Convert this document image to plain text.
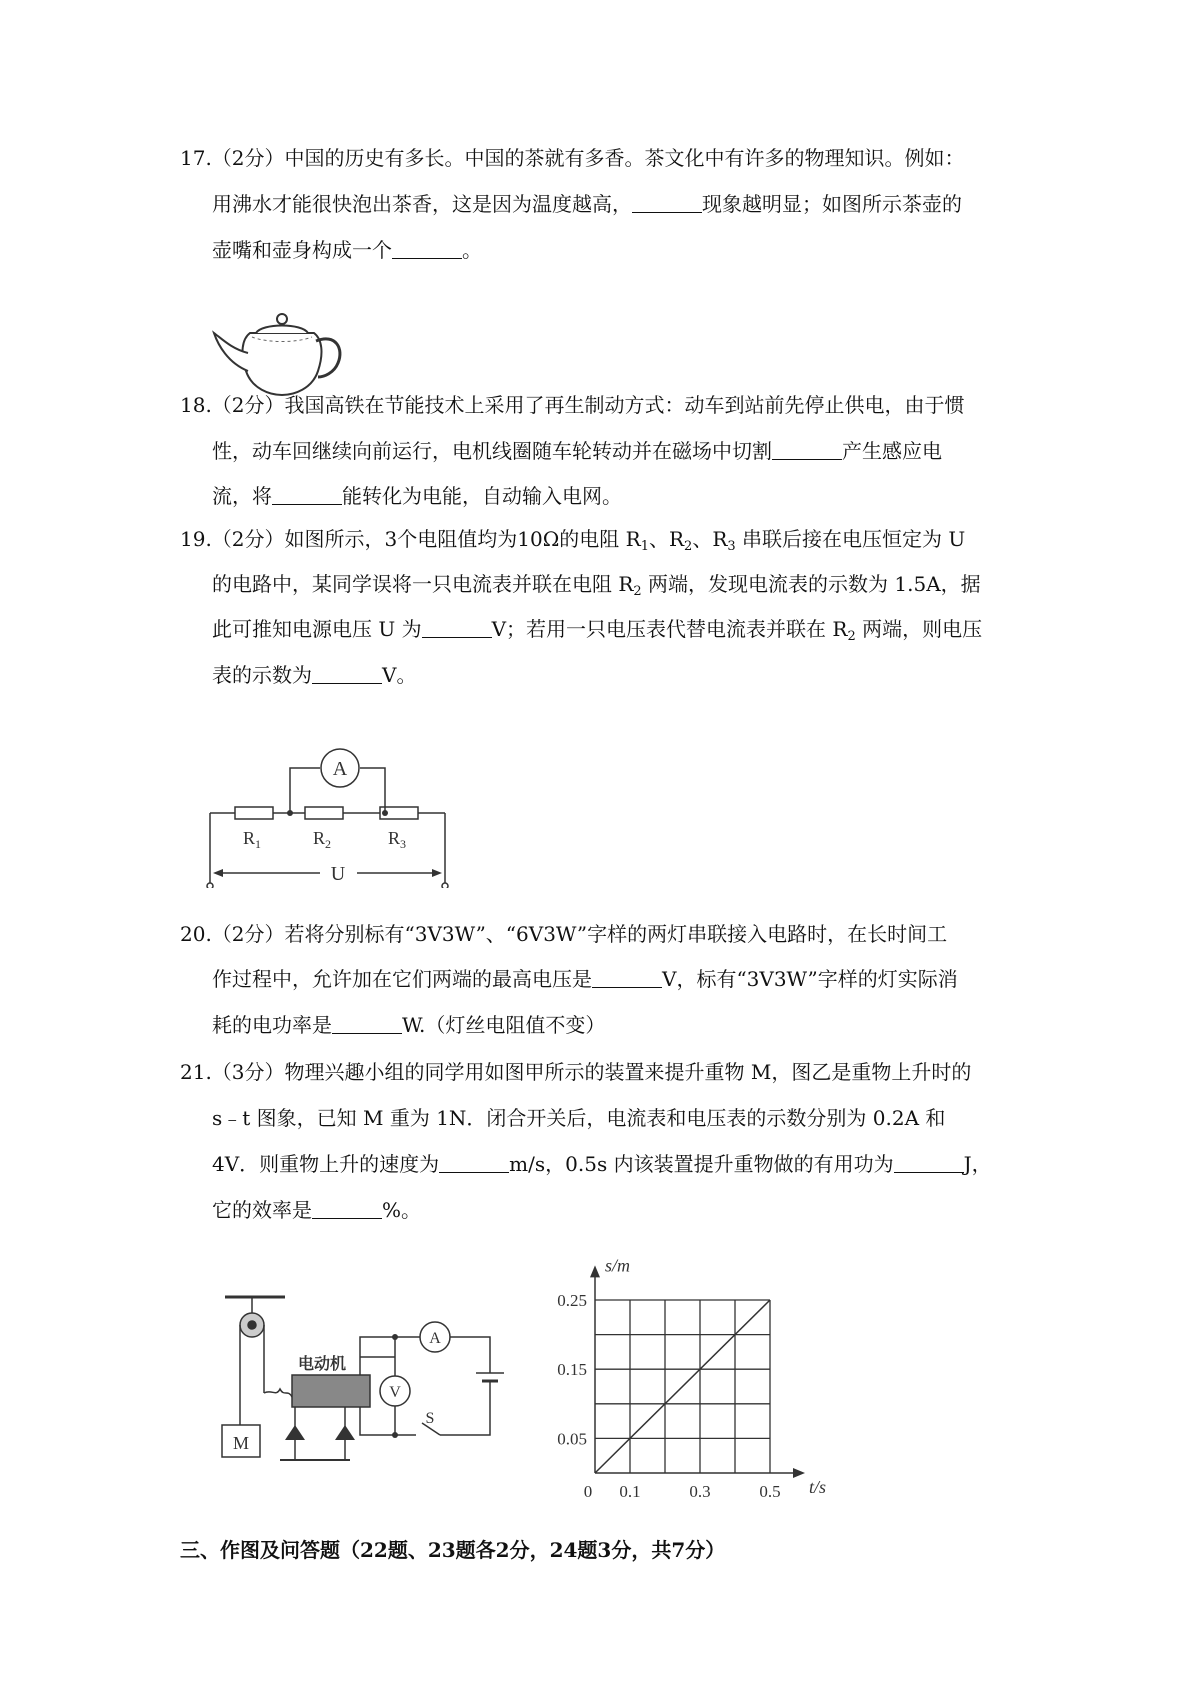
17.（2分）中国的历史有多长。中国的茶就有多香。茶文化中有许多的物理知识。例如：
用沸水才能很快泡出茶香，这是因为温度越高，	现象越明显；如图所示茶壶的
壶嘴和壶身构成一个	。
18.（2分）我国高铁在节能技术上采用了再生制动方式：动车到站前先停止供电，由于惯
性，动车回继续向前运行，电机线圈随车轮转动并在磁场中切割	产生感应电
流，将	能转化为电能，自动输入电网。
19.（2分）如图所示，3个电阻值均为10Ω的电阻 $R_1$、$R_2$、$R_3$ 串联后接在电压恒定为 U
的电路中，某同学误将一只电流表并联在电阻 $R_2$ 两端，发现电流表的示数为 1.5A，据
此可推知电源电压 U 为	V；若用一只电压表代替电流表并联在 $R_2$ 两端，则电压
表的示数为	V。
A
$R_1$	$R_2$	$R_3$
U
20.（2分）若将分别标有“3V3W”、“6V3W”字样的两灯串联接入电路时，在长时间工
作过程中，允许加在它们两端的最高电压是	V，标有“3V3W”字样的灯实际消
耗的电功率是	W.（灯丝电阻值不变）
21.（3分）物理兴趣小组的同学用如图甲所示的装置来提升重物 M，图乙是重物上升时的
s﹣t 图象，已知 M 重为 1N．闭合开关后，电流表和电压表的示数分别为 0.2A 和
4V．则重物上升的速度为	m/s，0.5s 内该装置提升重物做的有用功为	J，
它的效率是	%。
电动机
M
V
A
S
t/s
s/m
0 0.1	0.3	0.5
0.05
0.15
0.25
三、作图及问答题（22题、23题各2分，24题3分，共7分）
